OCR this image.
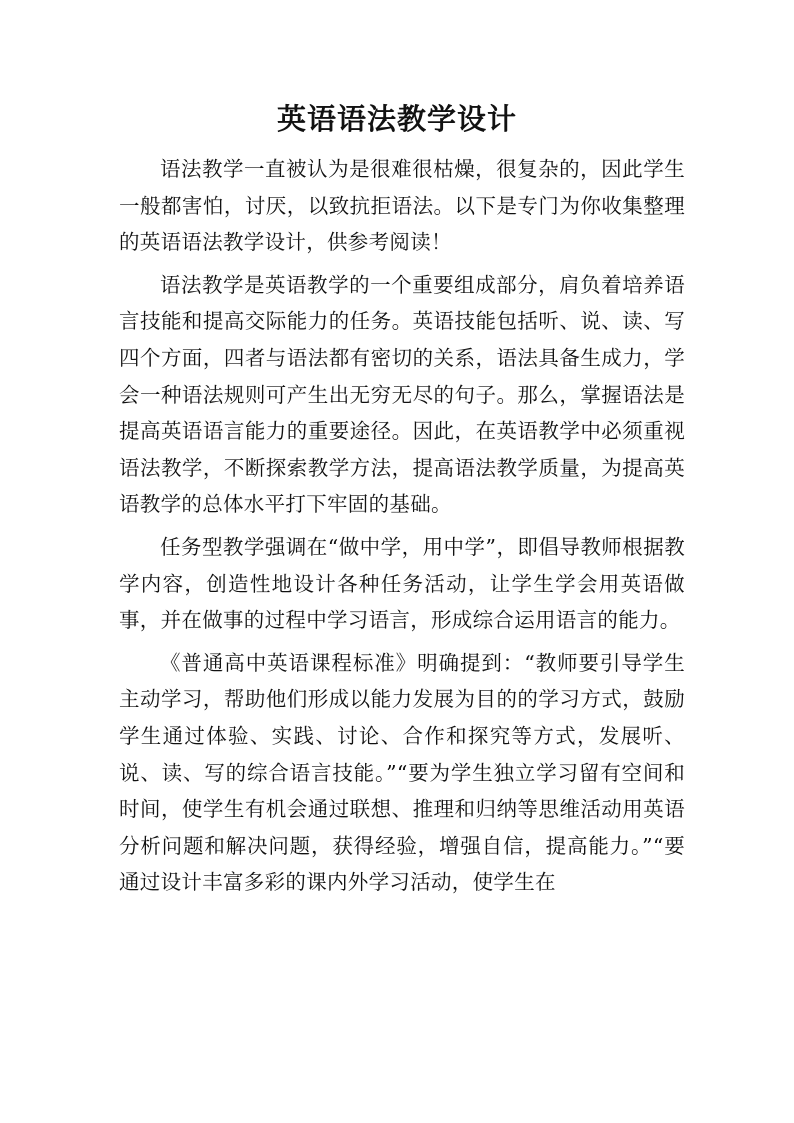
英语语法教学设计

语法教学一直被认为是很难很枯燥，很复杂的，因此学生一般都害怕，讨厌，以致抗拒语法。以下是专门为你收集整理的英语语法教学设计，供参考阅读！

语法教学是英语教学的一个重要组成部分，肩负着培养语言技能和提高交际能力的任务。英语技能包括听、说、读、写四个方面，四者与语法都有密切的关系，语法具备生成力，学会一种语法规则可产生出无穷无尽的句子。那么，掌握语法是提高英语语言能力的重要途径。因此，在英语教学中必须重视语法教学，不断探索教学方法，提高语法教学质量，为提高英语教学的总体水平打下牢固的基础。

任务型教学强调在“做中学，用中学”，即倡导教师根据教学内容，创造性地设计各种任务活动，让学生学会用英语做事，并在做事的过程中学习语言，形成综合运用语言的能力。

《普通高中英语课程标准》明确提到：“教师要引导学生主动学习，帮助他们形成以能力发展为目的的学习方式，鼓励学生通过体验、实践、讨论、合作和探究等方式，发展听、说、读、写的综合语言技能。”“要为学生独立学习留有空间和时间，使学生有机会通过联想、推理和归纳等思维活动用英语分析问题和解决问题，获得经验，增强自信，提高能力。”“要通过设计丰富多彩的课内外学习活动，使学生在
